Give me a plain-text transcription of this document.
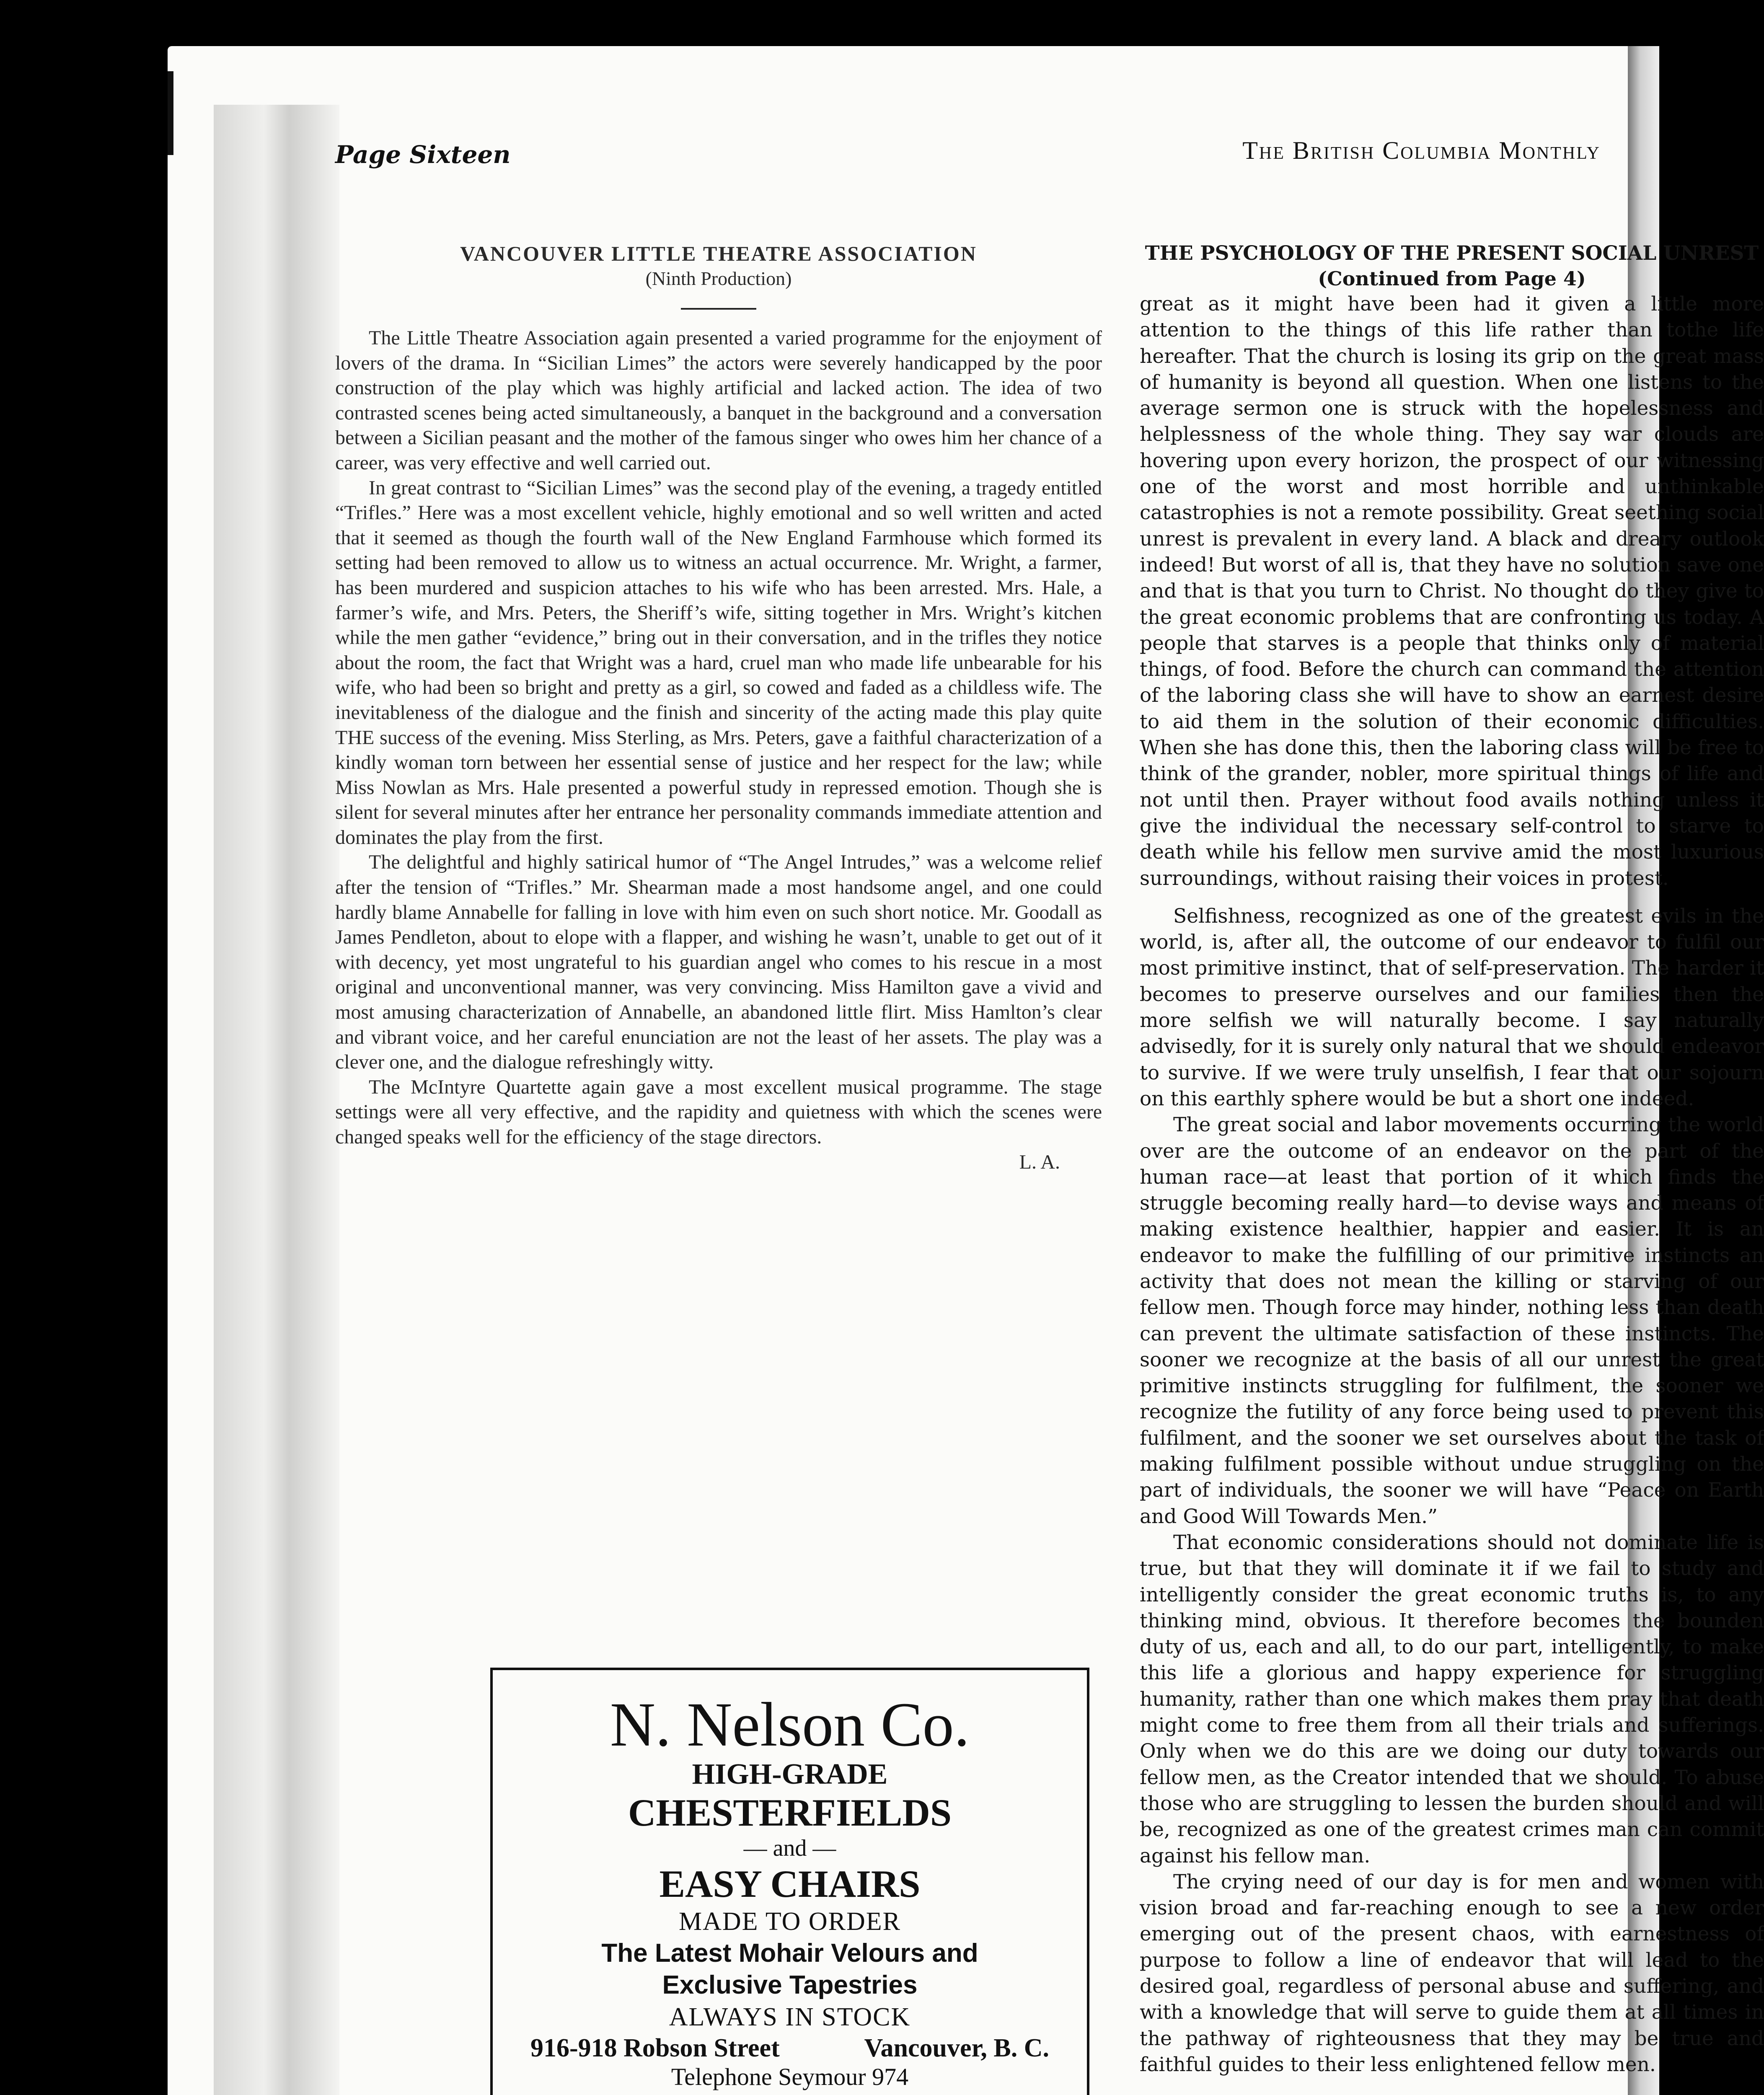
Page Sixteen	The British Columbia Monthly
VANCOUVER LITTLE THEATRE ASSOCIATION
(Ninth Production)

The Little Theatre Association again presented a varied programme for the enjoyment of lovers of the drama. In “Sicilian Limes” the actors were severely handicapped by the poor construction of the play which was highly artificial and lacked action. The idea of two contrasted scenes being acted simultaneously, a banquet in the background and a conversation between a Sicilian peasant and the mother of the famous singer who owes him her chance of a career, was very effective and well carried out.

In great contrast to “Sicilian Limes” was the second play of the evening, a tragedy entitled “Trifles.” Here was a most excellent vehicle, highly emotional and so well written and acted that it seemed as though the fourth wall of the New England Farmhouse which formed its setting had been removed to allow us to witness an actual occurrence. Mr. Wright, a farmer, has been murdered and suspicion attaches to his wife who has been arrested. Mrs. Hale, a farmer’s wife, and Mrs. Peters, the Sheriff’s wife, sitting together in Mrs. Wright’s kitchen while the men gather “evidence,” bring out in their conversation, and in the trifles they notice about the room, the fact that Wright was a hard, cruel man who made life unbearable for his wife, who had been so bright and pretty as a girl, so cowed and faded as a childless wife. The inevitableness of the dialogue and the finish and sincerity of the acting made this play quite THE success of the evening. Miss Sterling, as Mrs. Peters, gave a faithful characterization of a kindly woman torn between her essential sense of justice and her respect for the law; while Miss Nowlan as Mrs. Hale presented a powerful study in repressed emotion. Though she is silent for several minutes after her entrance her personality commands immediate attention and dominates the play from the first.

The delightful and highly satirical humor of “The Angel Intrudes,” was a welcome relief after the tension of “Trifles.” Mr. Shearman made a most handsome angel, and one could hardly blame Annabelle for falling in love with him even on such short notice. Mr. Goodall as James Pendleton, about to elope with a flapper, and wishing he wasn’t, unable to get out of it with decency, yet most ungrateful to his guardian angel who comes to his rescue in a most original and unconventional manner, was very convincing. Miss Hamilton gave a vivid and most amusing characterization of Annabelle, an abandoned little flirt. Miss Hamlton’s clear and vibrant voice, and her careful enunciation are not the least of her assets. The play was a clever one, and the dialogue refreshingly witty.

The McIntyre Quartette again gave a most excellent musical programme. The stage settings were all very effective, and the rapidity and quietness with which the scenes were changed speaks well for the efficiency of the stage directors.

L. A.
N. Nelson Co.
HIGH-GRADE
CHESTERFIELDS
— and —
EASY CHAIRS
MADE TO ORDER
The Latest Mohair Velours and
Exclusive Tapestries
ALWAYS IN STOCK
916-918 Robson Street	Vancouver, B. C.
Telephone Seymour 974
THE PSYCHOLOGY OF THE PRESENT SOCIAL UNREST
(Continued from Page 4)

great as it might have been had it given a little more attention to the things of this life rather than tothe life hereafter. That the church is losing its grip on the great mass of humanity is beyond all question. When one listens to the average sermon one is struck with the hopelessness and helplessness of the whole thing. They say war clouds are hovering upon every horizon, the prospect of our witnessing one of the worst and most horrible and unthinkable catastrophies is not a remote possibility. Great seething social unrest is prevalent in every land. A black and dreary outlook indeed! But worst of all is, that they have no solution save one and that is that you turn to Christ. No thought do they give to the great economic problems that are confronting us today. A people that starves is a people that thinks only of material things, of food. Before the church can command the attention of the laboring class she will have to show an earnest desire to aid them in the solution of their economic difficulties. When she has done this, then the laboring class will be free to think of the grander, nobler, more spiritual things of life and not until then. Prayer without food avails nothing unless it give the individual the necessary self-control to starve to death while his fellow men survive amid the most luxurious surroundings, without raising their voices in protest.

Selfishness, recognized as one of the greatest evils in the world, is, after all, the outcome of our endeavor to fulfil our most primitive instinct, that of self-preservation. The harder it becomes to preserve ourselves and our families then the more selfish we will naturally become. I say naturally advisedly, for it is surely only natural that we should endeavor to survive. If we were truly unselfish, I fear that our sojourn on this earthly sphere would be but a short one indeed.

The great social and labor movements occurring the world over are the outcome of an endeavor on the part of the human race—at least that portion of it which finds the struggle becoming really hard—to devise ways and means of making existence healthier, happier and easier. It is an endeavor to make the fulfilling of our primitive instincts an activity that does not mean the killing or starving of our fellow men. Though force may hinder, nothing less than death can prevent the ultimate satisfaction of these instincts. The sooner we recognize at the basis of all our unrest the great primitive instincts struggling for fulfilment, the sooner we recognize the futility of any force being used to prevent this fulfilment, and the sooner we set ourselves about the task of making fulfilment possible without undue struggling on the part of individuals, the sooner we will have “Peace on Earth and Good Will Towards Men.”

That economic considerations should not dominate life is true, but that they will dominate it if we fail to study and intelligently consider the great economic truths is, to any thinking mind, obvious. It therefore becomes the bounden duty of us, each and all, to do our part, intelligently, to make this life a glorious and happy experience for struggling humanity, rather than one which makes them pray that death might come to free them from all their trials and sufferings. Only when we do this are we doing our duty towards our fellow men, as the Creator intended that we should. To abuse those who are struggling to lessen the burden should and will be, recognized as one of the greatest crimes man can commit against his fellow man.

The crying need of our day is for men and women with vision broad and far-reaching enough to see a new order emerging out of the present chaos, with earnestness of purpose to follow a line of endeavor that will lead to the desired goal, regardless of personal abuse and suffering, and with a knowledge that will serve to guide them at all times in the pathway of righteousness that they may be true and faithful guides to their less enlightened fellow men.
